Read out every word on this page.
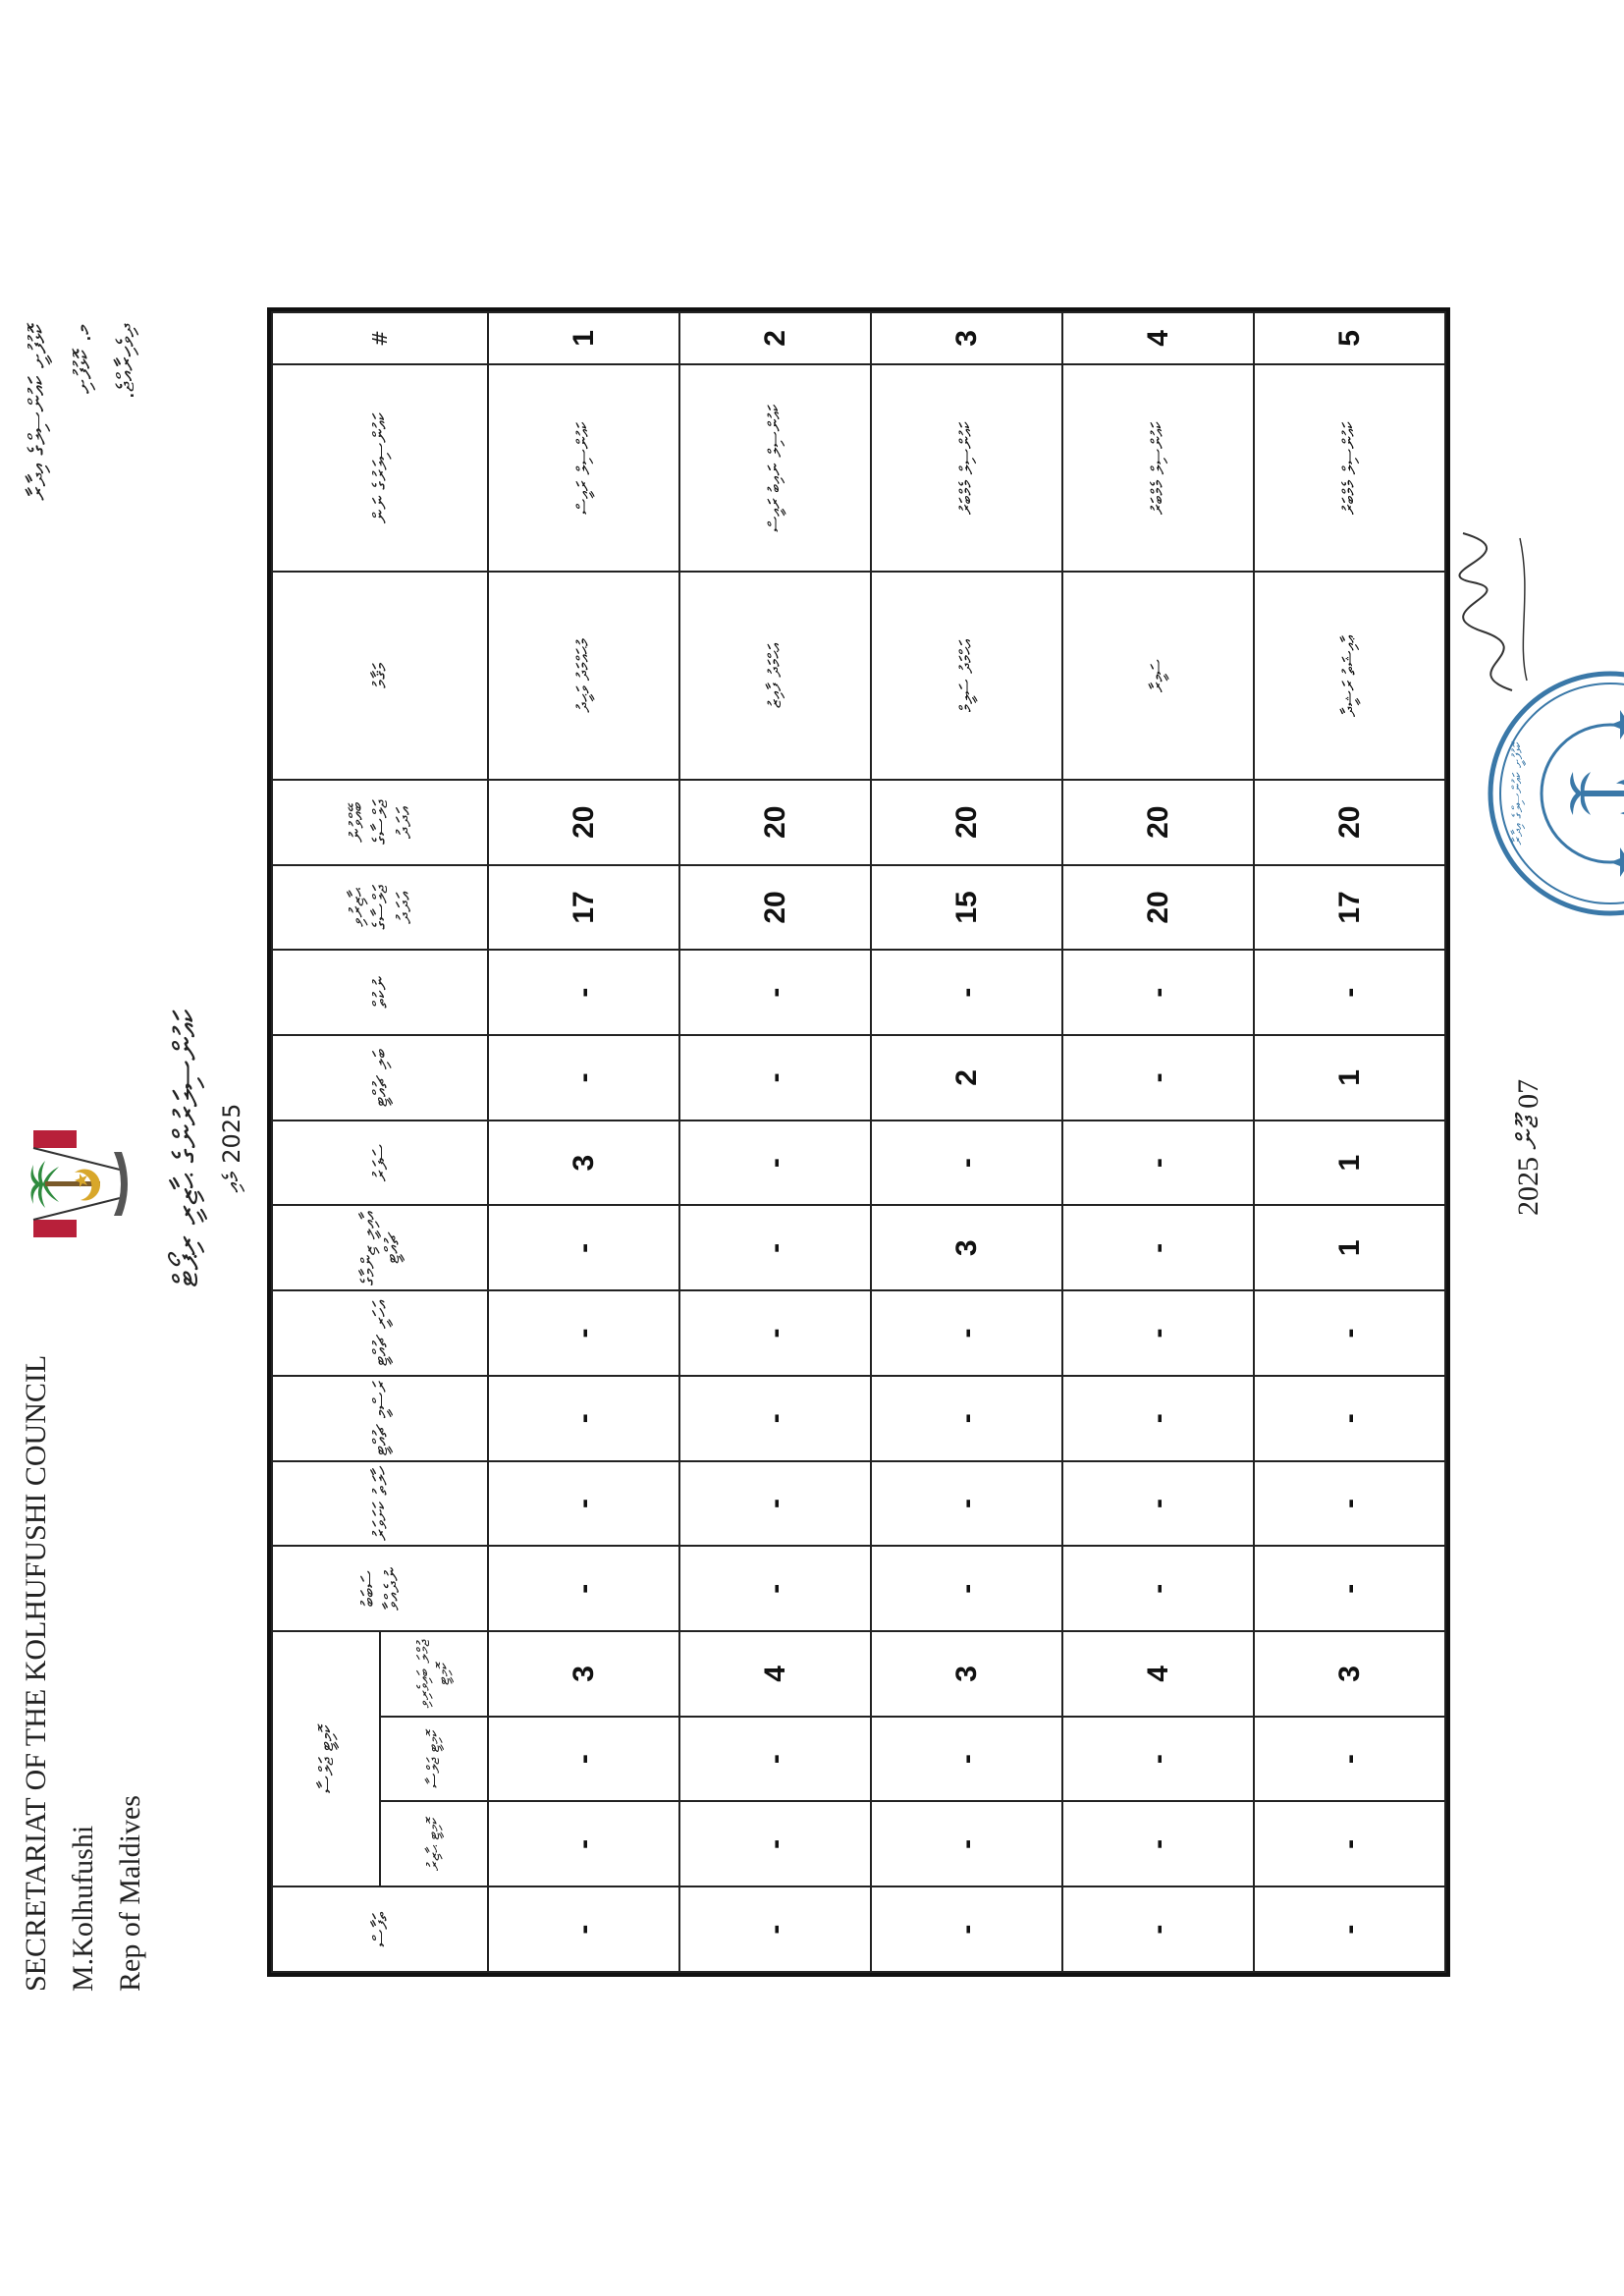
SECRETARIAT OF THE KOLHUFUSHI COUNCIL M.Kolhufushi Rep of Maldives
ކޮޅުފުށީ ކައުންސިލްގެ އިދާރާ މ. ކޮޅުފުށި ދިވެހިރާއްޖެ.
ކައުންސިލަރުންގެ ޙާޒިރީ ރިޕޯޓް 2025 މެއި
#	ކައުންސިލަރުގެ ނަން	މަޤާމު	ބޭއްވުނު ޖަލްސާގެ އަދަދު	ޙާޒިރުވި ޖަލްސާގެ އަދަދު	ނުކުތް	ބަލި ޗުއްޓީ	ސަފަރު	އާއިލީ ޒިންމާގެ ޗުއްޓީ	އަހަރީ ޗުއްޓީ	ރަސްމީ ޗުއްޓީ	ހާލަތު ކަށަވަރު	ސަބަބު ނުދެއްވާ	ކޮމިޓީ ޖަލްސާ			ތަފާސް
													ޖުމްލަ ބައިވެރިވި ކޮމިޓީ	ކޮމިޓީ ޖަލްސާ	ކޮމިޓީ ޙާޒިރު	
1	ކައުންސިލް ރައީސް	މުޙައްމަދު ވަޙީދު	20	17	-	-	3	-	-	-	-	-	3	-	-	-
2	ކައުންސިލް ނައިބު ރައީސް	އަޙްމަދު ފާއިޒު	20	20	-	-	-	-	-	-	-	-	4	-	-	-
3	ކައުންސިލް މެމްބަރު	އަޙްމަދު ސަލީމް	20	15	-	2	-	3	-	-	-	-	3	-	-	-
4	ކައުންސިލް މެމްބަރު	ސަމީރާ	20	20	-	-	-	-	-	-	-	-	4	-	-	-
5	ކައުންސިލް މެމްބަރު	ޢާއިޝަތު ރަޝީދާ	20	17	-	1	1	1	-	-	-	-	3	-	-	-
07 ޖޫން 2025
ކޮޅުފުށީ ކައުންސިލްގެ އިދާރާ
